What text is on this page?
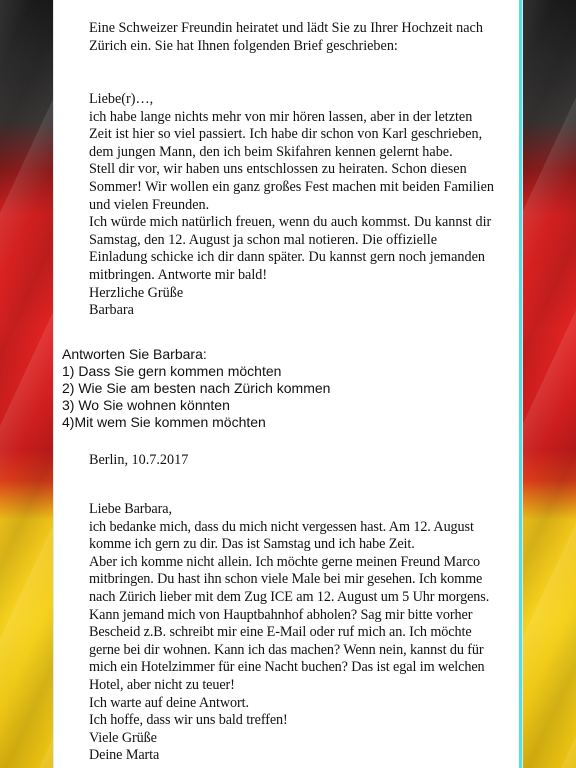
Eine Schweizer Freundin heiratet und lädt Sie zu Ihrer Hochzeit nach
Zürich ein. Sie hat Ihnen folgenden Brief geschrieben:

Liebe(r)…,
ich habe lange nichts mehr von mir hören lassen, aber in der letzten
Zeit ist hier so viel passiert. Ich habe dir schon von Karl geschrieben,
dem jungen Mann, den ich beim Skifahren kennen gelernt habe.
Stell dir vor, wir haben uns entschlossen zu heiraten. Schon diesen
Sommer! Wir wollen ein ganz großes Fest machen mit beiden Familien
und vielen Freunden.
Ich würde mich natürlich freuen, wenn du auch kommst. Du kannst dir
Samstag, den 12. August ja schon mal notieren. Die offizielle
Einladung schicke ich dir dann später. Du kannst gern noch jemanden
mitbringen. Antworte mir bald!
Herzliche Grüße
Barbara

Antworten Sie Barbara:
1) Dass Sie gern kommen möchten
2) Wie Sie am besten nach Zürich kommen
3) Wo Sie wohnen könnten
4)Mit wem Sie kommen möchten

Berlin, 10.7.2017

Liebe Barbara,
ich bedanke mich, dass du mich nicht vergessen hast. Am 12. August
komme ich gern zu dir. Das ist Samstag und ich habe Zeit.
Aber ich komme nicht allein. Ich möchte gerne meinen Freund Marco
mitbringen. Du hast ihn schon viele Male bei mir gesehen. Ich komme
nach Zürich lieber mit dem Zug ICE am 12. August um 5 Uhr morgens.
Kann jemand mich von Hauptbahnhof abholen? Sag mir bitte vorher
Bescheid z.B. schreibt mir eine E-Mail oder ruf mich an. Ich möchte
gerne bei dir wohnen. Kann ich das machen? Wenn nein, kannst du für
mich ein Hotelzimmer für eine Nacht buchen? Das ist egal im welchen
Hotel, aber nicht zu teuer!
Ich warte auf deine Antwort.
Ich hoffe, dass wir uns bald treffen!
Viele Grüße
Deine Marta
